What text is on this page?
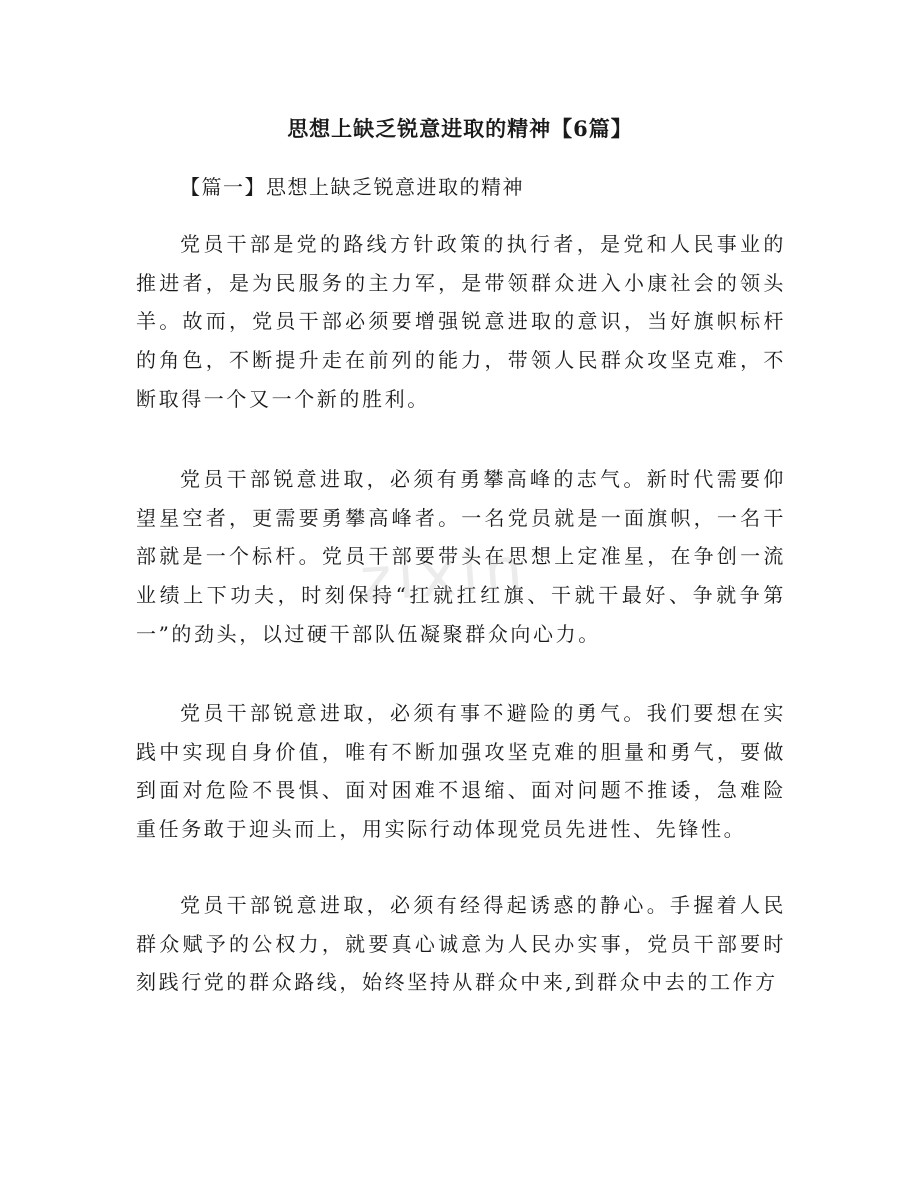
思想上缺乏锐意进取的精神【6篇】
【篇一】思想上缺乏锐意进取的精神

党员干部是党的路线方针政策的执行者，是党和人民事业的推进者，是为民服务的主力军，是带领群众进入小康社会的领头羊。故而，党员干部必须要增强锐意进取的意识，当好旗帜标杆的角色，不断提升走在前列的能力，带领人民群众攻坚克难，不断取得一个又一个新的胜利。

党员干部锐意进取，必须有勇攀高峰的志气。新时代需要仰望星空者，更需要勇攀高峰者。一名党员就是一面旗帜，一名干部就是一个标杆。党员干部要带头在思想上定准星，在争创一流业绩上下功夫，时刻保持“扛就扛红旗、干就干最好、争就争第一”的劲头，以过硬干部队伍凝聚群众向心力。

党员干部锐意进取，必须有事不避险的勇气。我们要想在实践中实现自身价值，唯有不断加强攻坚克难的胆量和勇气，要做到面对危险不畏惧、面对困难不退缩、面对问题不推诿，急难险重任务敢于迎头而上，用实际行动体现党员先进性、先锋性。

党员干部锐意进取，必须有经得起诱惑的静心。手握着人民群众赋予的公权力，就要真心诚意为人民办实事，党员干部要时刻践行党的群众路线，始终坚持从群众中来,到群众中去的工作方

zixin
